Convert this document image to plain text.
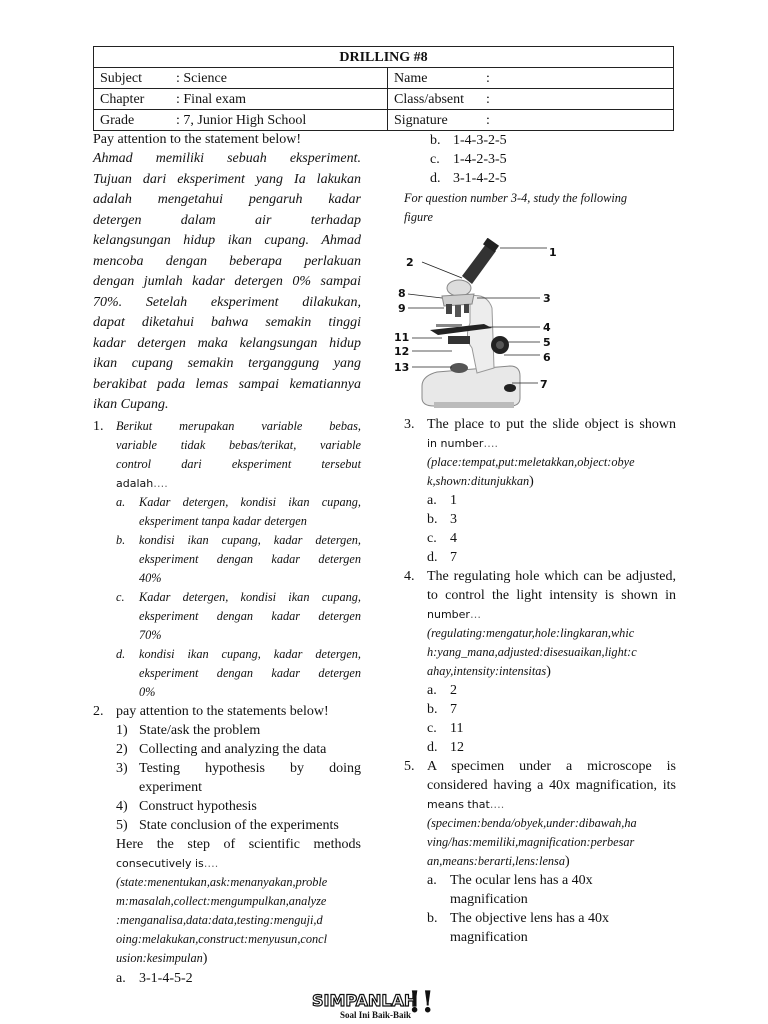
DRILLING #8	
Subject : Science	Name :
Chapter : Final exam	Class/absent :
Grade : 7, Junior High School	Signature :
Pay attention to the statement below!
Ahmad memiliki sebuah eksperiment.
Tujuan dari eksperiment yang Ia lakukan
adalah mengetahui pengaruh kadar
detergen dalam air terhadap
kelangsungan hidup ikan cupang. Ahmad
mencoba dengan beberapa perlakuan
dengan jumlah kadar detergen 0% sampai
70%. Setelah eksperiment dilakukan,
dapat diketahui bahwa semakin tinggi
kadar detergen maka kelangsungan hidup
ikan cupang semakin terganggung yang
berakibat pada lemas sampai kematiannya
ikan Cupang.
1. Berikut merupakan variable bebas,
variable tidak bebas/terikat, variable
control dari eksperiment tersebut
adalah….
a. Kadar detergen, kondisi ikan cupang,
eksperiment tanpa kadar detergen
b. kondisi ikan cupang, kadar detergen,
eksperiment dengan kadar detergen
40%
c. Kadar detergen, kondisi ikan cupang,
eksperiment dengan kadar detergen
70%
d. kondisi ikan cupang, kadar detergen,
eksperiment dengan kadar detergen
0%
2. pay attention to the statements below!
1) State/ask the problem
2) Collecting and analyzing the data
3) Testing hypothesis by doing
experiment
4) Construct hypothesis
5) State conclusion of the experiments
Here the step of scientific methods
consecutively is….
(state:menentukan,ask:menanyakan,proble
m:masalah,collect:mengumpulkan,analyze
:menganalisa,data:data,testing:menguji,d
oing:melakukan,construct:menyusun,concl
usion:kesimpulan)
a. 3-1-4-5-2
b. 1-4-3-2-5
c. 1-4-2-3-5
d. 3-1-4-2-5
For question number 3-4, study the following
figure
1
2
3
4
5
6
7
8
9
11
12
13
3. The place to put the slide object is shown
in number….
(place:tempat,put:meletakkan,object:obye
k,shown:ditunjukkan)
a. 1
b. 3
c. 4
d. 7
4. The regulating hole which can be adjusted,
to control the light intensity is shown in
number…
(regulating:mengatur,hole:lingkaran,whic
h:yang_mana,adjusted:disesuaikan,light:c
ahay,intensity:intensitas)
a. 2
b. 7
c. 11
d. 12
5. A specimen under a microscope is
considered having a 40x magnification, its
means that….
(specimen:benda/obyek,under:dibawah,ha
ving/has:memiliki,magnification:perbesar
an,means:berarti,lens:lensa)
a. The ocular lens has a 40x
magnification
b. The objective lens has a 40x
magnification
SIMPANLAH
!!
Soal Ini Baik-Baik
